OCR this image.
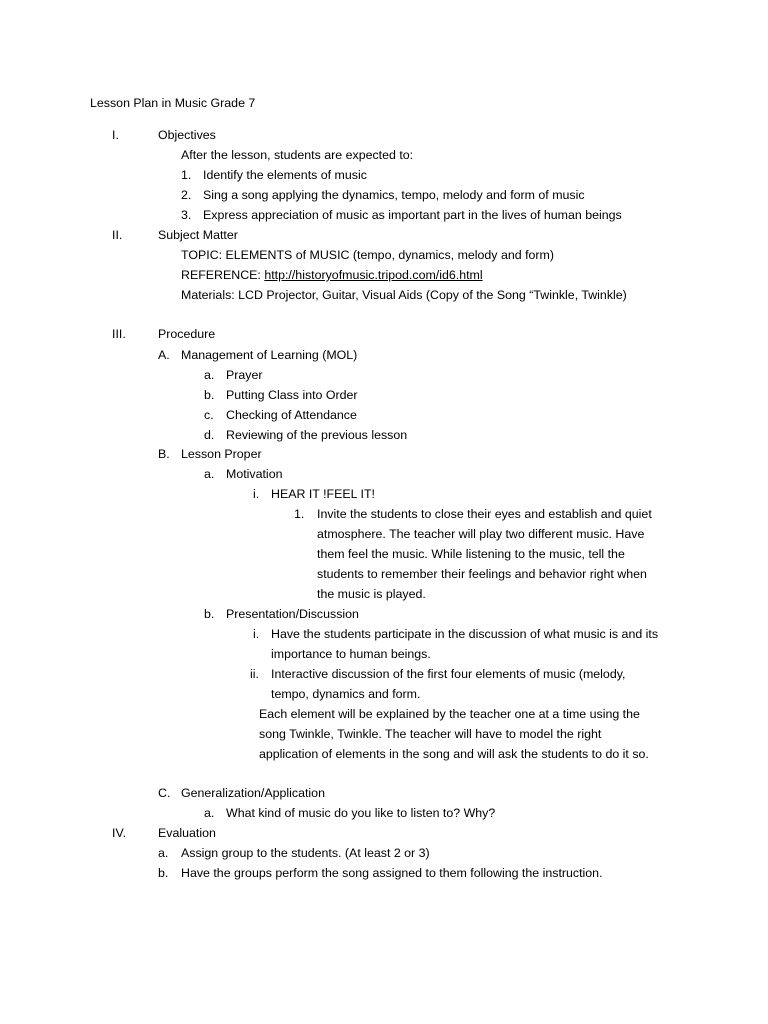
Lesson Plan in Music Grade 7
I.	Objectives
After the lesson, students are expected to:
1. Identify the elements of music
2. Sing a song applying the dynamics, tempo, melody and form of music
3. Express appreciation of music as important part in the lives of human beings
II.	Subject Matter
TOPIC: ELEMENTS of MUSIC (tempo, dynamics, melody and form)
REFERENCE: http://historyofmusic.tripod.com/id6.html
Materials: LCD Projector, Guitar, Visual Aids (Copy of the Song “Twinkle, Twinkle)
III.	Procedure
A. Management of Learning (MOL)
a. Prayer
b. Putting Class into Order
c. Checking of Attendance
d. Reviewing of the previous lesson
B. Lesson Proper
a. Motivation
i. HEAR IT !FEEL IT!
1. Invite the students to close their eyes and establish and quiet
atmosphere. The teacher will play two different music. Have
them feel the music. While listening to the music, tell the
students to remember their feelings and behavior right when
the music is played.
b. Presentation/Discussion
i. Have the students participate in the discussion of what music is and its
importance to human beings.
ii. Interactive discussion of the first four elements of music (melody,
tempo, dynamics and form.
Each element will be explained by the teacher one at a time using the
song Twinkle, Twinkle. The teacher will have to model the right
application of elements in the song and will ask the students to do it so.
C. Generalization/Application
a. What kind of music do you like to listen to? Why?
IV.	Evaluation
a. Assign group to the students. (At least 2 or 3)
b. Have the groups perform the song assigned to them following the instruction.
